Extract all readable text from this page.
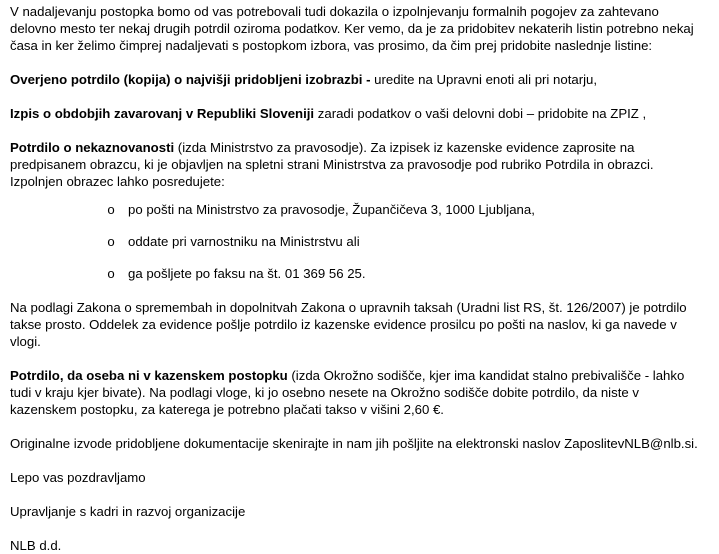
V nadaljevanju postopka bomo od vas potrebovali tudi dokazila o izpolnjevanju formalnih pogojev za zahtevano

delovno mesto ter nekaj drugih potrdil oziroma podatkov. Ker vemo, da je za pridobitev nekaterih listin potrebno nekaj

časa in ker želimo čimprej nadaljevati s postopkom izbora, vas prosimo, da čim prej pridobite naslednje listine:

Overjeno potrdilo (kopija) o najvišji pridobljeni izobrazbi - uredite na Upravni enoti ali pri notarju,

Izpis o obdobjih zavarovanj v Republiki Sloveniji zaradi podatkov o vaši delovni dobi – pridobite na ZPIZ ,

Potrdilo o nekaznovanosti (izda Ministrstvo za pravosodje). Za izpisek iz kazenske evidence zaprosite na

predpisanem obrazcu, ki je objavljen na spletni strani Ministrstva za pravosodje pod rubriko Potrdila in obrazci.

Izpolnjen obrazec lahko posredujete:

o po pošti na Ministrstvo za pravosodje, Župančičeva 3, 1000 Ljubljana,
o oddate pri varnostniku na Ministrstvu ali
o ga pošljete po faksu na št. 01 369 56 25.

Na podlagi Zakona o spremembah in dopolnitvah Zakona o upravnih taksah (Uradni list RS, št. 126/2007) je potrdilo

takse prosto. Oddelek za evidence pošlje potrdilo iz kazenske evidence prosilcu po pošti na naslov, ki ga navede v

vlogi.

Potrdilo, da oseba ni v kazenskem postopku (izda Okrožno sodišče, kjer ima kandidat stalno prebivališče - lahko

tudi v kraju kjer bivate). Na podlagi vloge, ki jo osebno nesete na Okrožno sodišče dobite potrdilo, da niste v

kazenskem postopku, za katerega je potrebno plačati takso v višini 2,60 €.

Originalne izvode pridobljene dokumentacije skenirajte in nam jih pošljite na elektronski naslov ZaposlitevNLB@nlb.si.

Lepo vas pozdravljamo

Upravljanje s kadri in razvoj organizacije

NLB d.d.
